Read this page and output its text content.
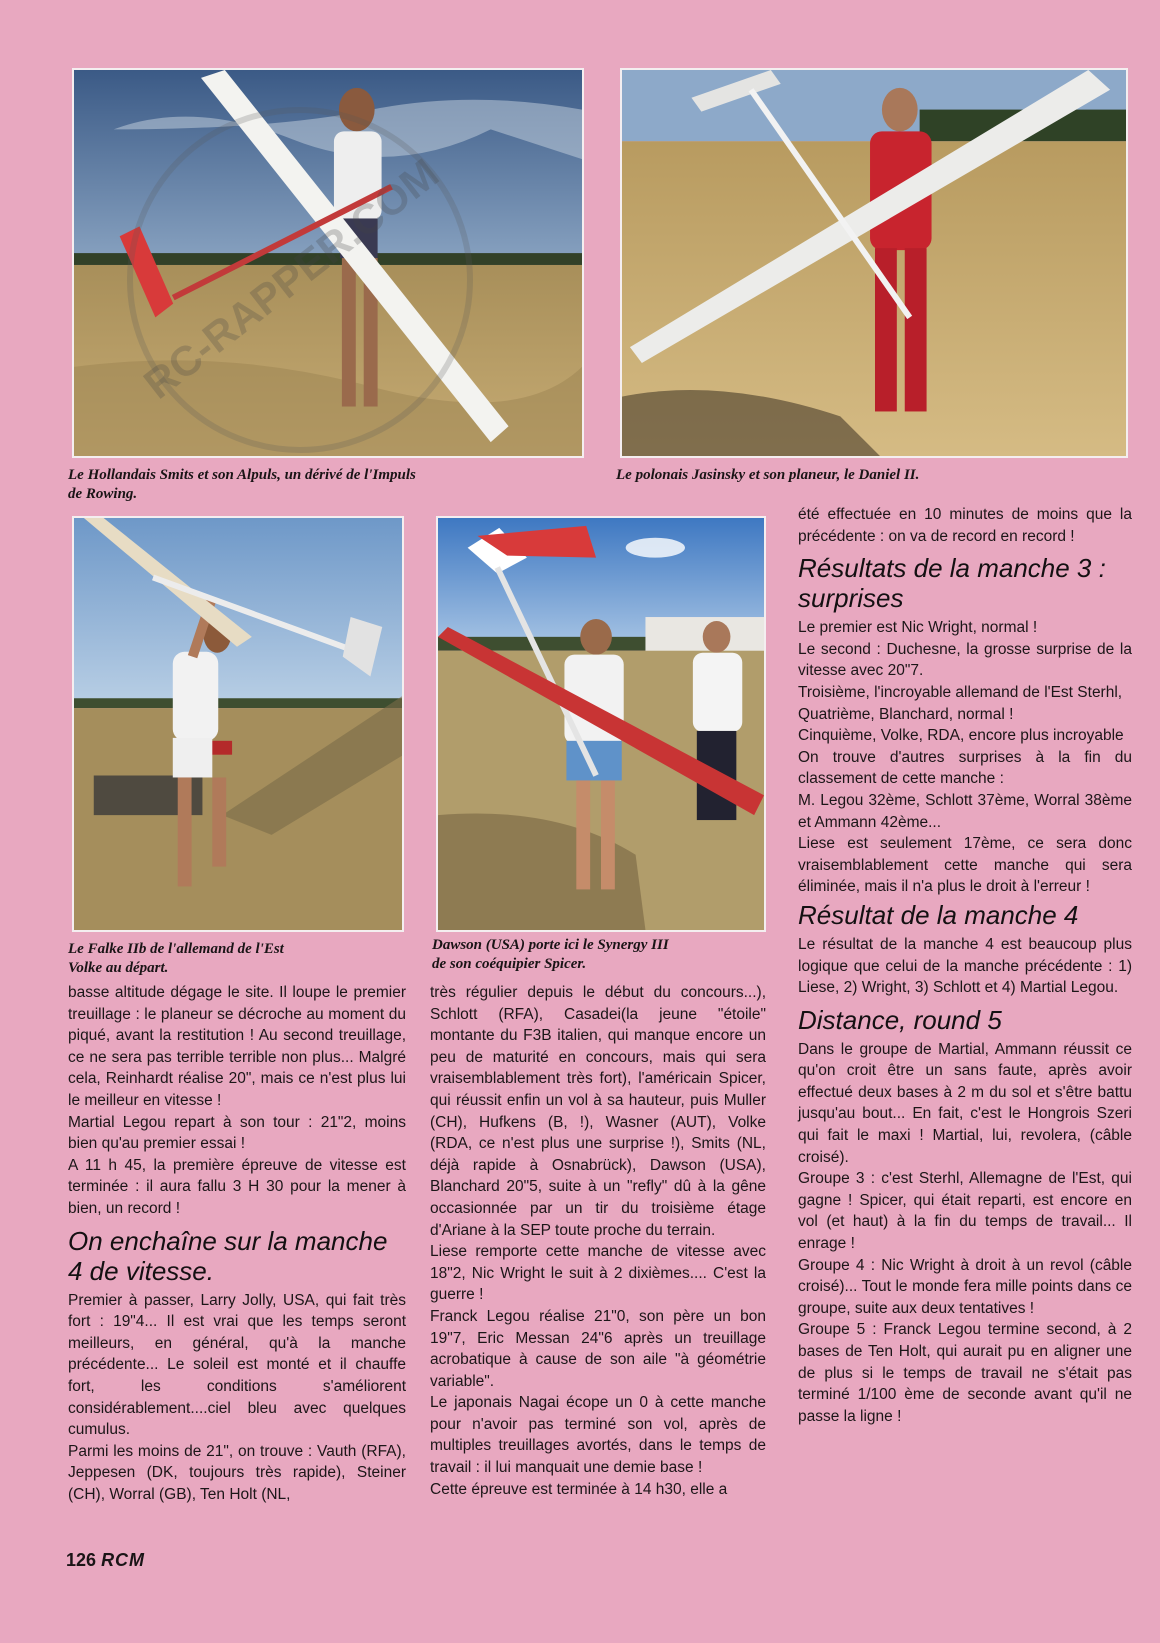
Le Hollandais Smits et son Alpuls, un dérivé de l'Impuls
de Rowing.
Le polonais Jasinsky et son planeur, le Daniel II.
Le Falke IIb de l'allemand de l'Est
Volke au départ.
Dawson (USA) porte ici le Synergy III
de son coéquipier Spicer.
RC-RAPPER.COM

basse altitude dégage le site. Il loupe le premier treuillage : le planeur se décroche au moment du piqué, avant la restitution ! Au second treuillage, ce ne sera pas terrible terrible non plus... Malgré cela, Reinhardt réalise 20", mais ce n'est plus lui le meilleur en vitesse !

Martial Legou repart à son tour : 21"2, moins bien qu'au premier essai !

A 11 h 45, la première épreuve de vitesse est terminée : il aura fallu 3 H 30 pour la mener à bien, un record !

On enchaîne sur la manche 4 de vitesse.

Premier à passer, Larry Jolly, USA, qui fait très fort : 19"4... Il est vrai que les temps seront meilleurs, en général, qu'à la manche précédente... Le soleil est monté et il chauffe fort, les conditions s'améliorent considérablement....ciel bleu avec quelques cumulus.

Parmi les moins de 21", on trouve : Vauth (RFA), Jeppesen (DK, toujours très rapide), Steiner (CH), Worral (GB), Ten Holt (NL,

très régulier depuis le début du concours...), Schlott (RFA), Casadei(la jeune "étoile" montante du F3B italien, qui manque encore un peu de maturité en concours, mais qui sera vraisemblablement très fort), l'américain Spicer, qui réussit enfin un vol à sa hauteur, puis Muller (CH), Hufkens (B, !), Wasner (AUT), Volke (RDA, ce n'est plus une surprise !), Smits (NL, déjà rapide à Osnabrück), Dawson (USA), Blanchard 20"5, suite à un "refly" dû à la gêne occasionnée par un tir du troisième étage d'Ariane à la SEP toute proche du terrain.

Liese remporte cette manche de vitesse avec 18"2, Nic Wright le suit à 2 dixièmes.... C'est la guerre !

Franck Legou réalise 21"0, son père un bon 19"7, Eric Messan 24"6 après un treuillage acrobatique à cause de son aile "à géométrie variable".

Le japonais Nagai écope un 0 à cette manche pour n'avoir pas terminé son vol, après de multiples treuillages avortés, dans le temps de travail : il lui manquait une demie base !

Cette épreuve est terminée à 14 h30, elle a

été effectuée en 10 minutes de moins que la précédente : on va de record en record !

Résultats de la manche 3 : surprises

Le premier est Nic Wright, normal !

Le second : Duchesne, la grosse surprise de la vitesse avec 20"7.

Troisième, l'incroyable allemand de l'Est Sterhl,

Quatrième, Blanchard, normal !

Cinquième, Volke, RDA, encore plus incroyable

On trouve d'autres surprises à la fin du classement de cette manche :

M. Legou 32ème, Schlott 37ème, Worral 38ème et Ammann 42ème...

Liese est seulement 17ème, ce sera donc vraisemblablement cette manche qui sera éliminée, mais il n'a plus le droit à l'erreur !

Résultat de la manche 4

Le résultat de la manche 4 est beaucoup plus logique que celui de la manche précédente : 1) Liese, 2) Wright, 3) Schlott et 4) Martial Legou.

Distance, round 5

Dans le groupe de Martial, Ammann réussit ce qu'on croit être un sans faute, après avoir effectué deux bases à 2 m du sol et s'être battu jusqu'au bout... En fait, c'est le Hongrois Szeri qui fait le maxi ! Martial, lui, revolera, (câble croisé).

Groupe 3 : c'est Sterhl, Allemagne de l'Est, qui gagne ! Spicer, qui était reparti, est encore en vol (et haut) à la fin du temps de travail... Il enrage !

Groupe 4 : Nic Wright à droit à un revol (câble croisé)... Tout le monde fera mille points dans ce groupe, suite aux deux tentatives !

Groupe 5 : Franck Legou termine second, à 2 bases de Ten Holt, qui aurait pu en aligner une de plus si le temps de travail ne s'était pas terminé 1/100 ème de seconde avant qu'il ne passe la ligne !

126 RCM
